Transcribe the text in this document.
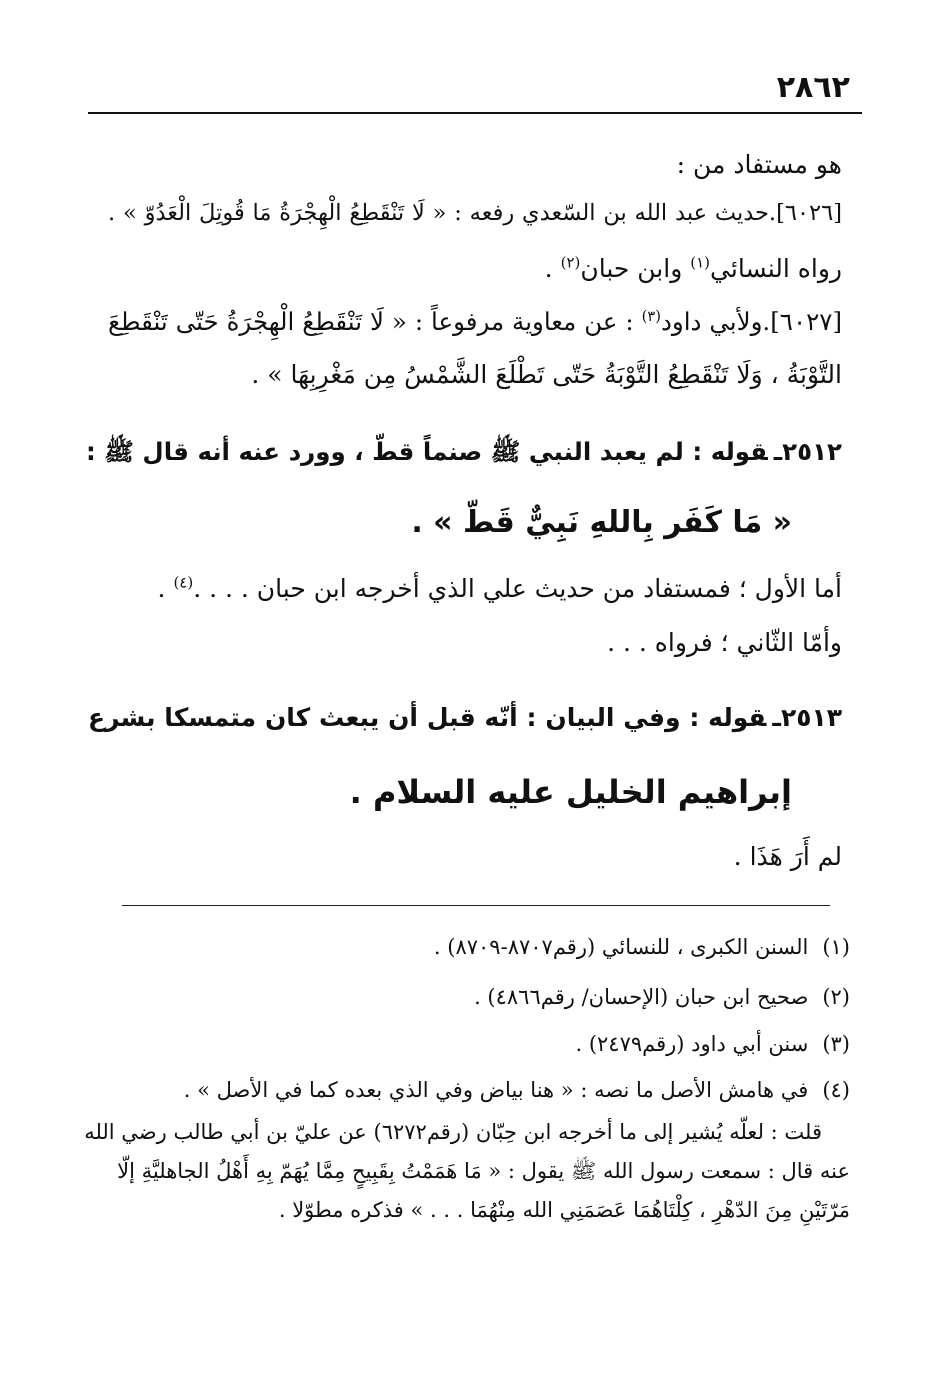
٢٨٦٢
هو مستفاد من :
[٦٠٢٦].حديث عبد الله بن السّعدي رفعه : « لَا تَنْقَطِعُ الْهِجْرَةُ مَا قُوتِلَ الْعَدُوّ » .
رواه النسائي$^{(١)}$ وابن حبان$^{(٢)}$ .
[٦٠٢٧].ولأبي داود$^{(٣)}$ : عن معاوية مرفوعاً : « لَا تَنْقَطِعُ الْهِجْرَةُ حَتّى تَنْقَطِعَ
التَّوْبَةُ ، وَلَا تَنْقَطِعُ التَّوْبَةُ حَتّى تَطْلَعَ الشَّمْسُ مِن مَغْرِبِهَا » .
٢٥١٢ـقوله : لم يعبد النبي ﷺ صنماً قطّ ، وورد عنه أنه قال ﷺ :
« مَا كَفَر بِاللهِ نَبِيٌّ قَطّ » .
أما الأول ؛ فمستفاد من حديث علي الذي أخرجه ابن حبان . . . .$^{(٤)}$ .
وأمّا الثّاني ؛ فرواه . . .
٢٥١٣ـقوله : وفي البيان : أنّه قبل أن يبعث كان متمسكا بشرع
إبراهيم الخليل عليه السلام .
لم أَرَ هَذَا .
(١)السنن الكبرى ، للنسائي (رقم٨٧٠٧-٨٧٠٩) .
(٢)صحيح ابن حبان (الإحسان/ رقم٤٨٦٦) .
(٣)سنن أبي داود (رقم٢٤٧٩) .
(٤)في هامش الأصل ما نصه : « هنا بياض وفي الذي بعده كما في الأصل » .
قلت : لعلّه يُشير إلى ما أخرجه ابن حِبّان (رقم٦٢٧٢) عن عليّ بن أبي طالب رضي الله
عنه قال : سمعت رسول الله ﷺ يقول : « مَا هَمَمْتُ بِقَبِيحٍ مِمَّا يُهَمّ بِهِ أَهْلُ الجاهليَّةِ إلّا
مَرّتَيْنِ مِنَ الدّهْرِ ، كِلْتَاهُمَا عَصَمَنِي الله مِنْهُمَا . . . » فذكره مطوّلا .
